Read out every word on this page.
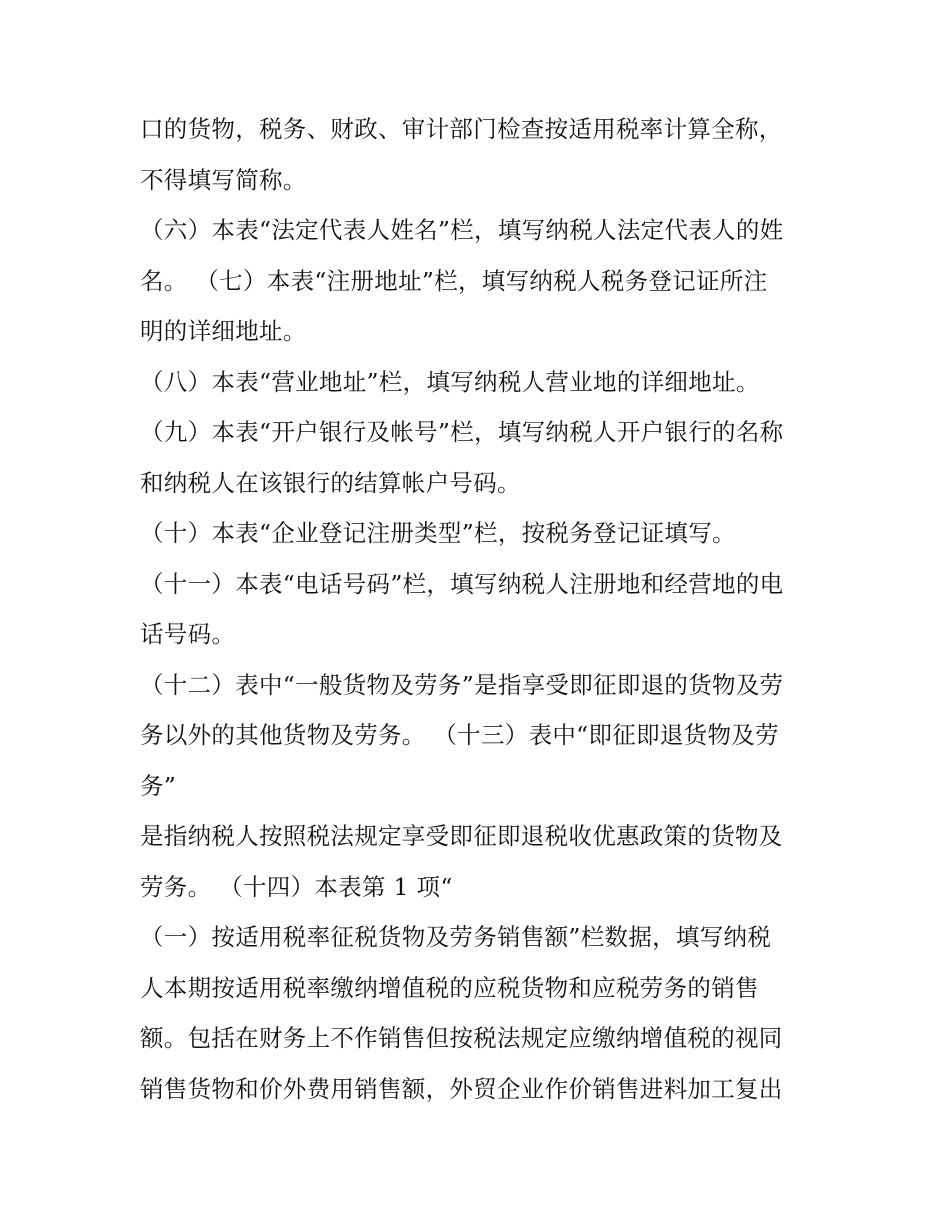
口的货物，税务、财政、审计部门检查按适用税率计算全称，
不得填写简称。
（六）本表“法定代表人姓名”栏，填写纳税人法定代表人的姓
名。 （七）本表“注册地址”栏，填写纳税人税务登记证所注
明的详细地址。
（八）本表“营业地址”栏，填写纳税人营业地的详细地址。
（九）本表“开户银行及帐号”栏，填写纳税人开户银行的名称
和纳税人在该银行的结算帐户号码。
（十）本表“企业登记注册类型”栏，按税务登记证填写。
（十一）本表“电话号码”栏，填写纳税人注册地和经营地的电
话号码。
（十二）表中“一般货物及劳务”是指享受即征即退的货物及劳
务以外的其他货物及劳务。 （十三）表中“即征即退货物及劳
务”
是指纳税人按照税法规定享受即征即退税收优惠政策的货物及
劳务。 （十四）本表第 1 项“
（一）按适用税率征税货物及劳务销售额”栏数据，填写纳税
人本期按适用税率缴纳增值税的应税货物和应税劳务的销售
额。包括在财务上不作销售但按税法规定应缴纳增值税的视同
销售货物和价外费用销售额，外贸企业作价销售进料加工复出
